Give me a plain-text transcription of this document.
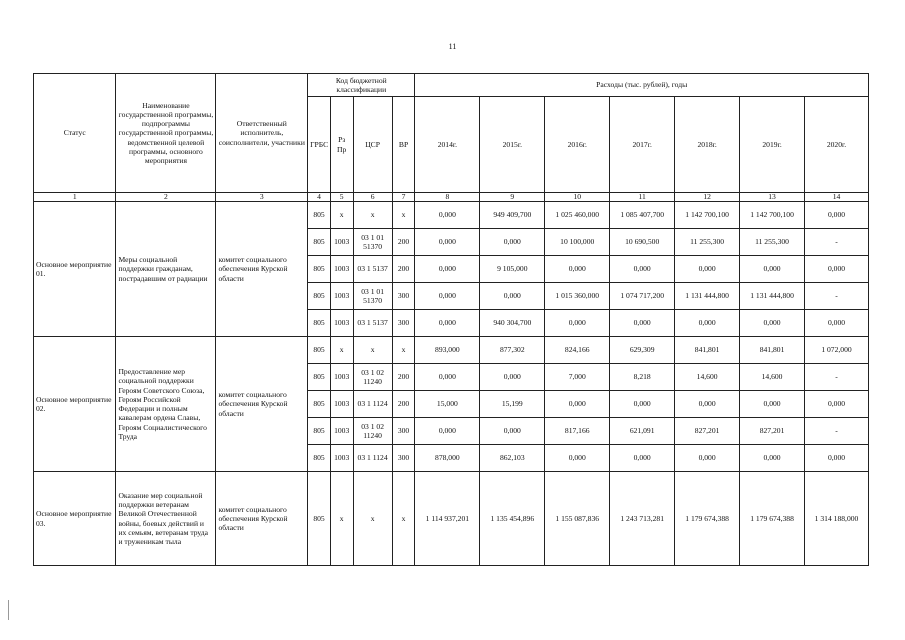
11
Статус	Наименование государственной программы, подпрограммы государственной программы, ведомственной целевой программы, основного мероприятия	Ответственный исполнитель, соисполнители, участники	Код бюджетной классификации				Расходы (тыс. рублей), годы						
			ГРБС	Рз Пр	ЦСР	ВР	2014г.	2015г.	2016г.	2017г.	2018г.	2019г.	2020г.
1	2	3	4	5	6	7	8	9	10	11	12	13	14
Основное мероприятие 01.	Меры социальной поддержки гражданам, пострадавшим от радиации	комитет социального обеспечения Курской области	805	х	х	х	0,000	949 409,700	1 025 460,000	1 085 407,700	1 142 700,100	1 142 700,100	0,000
			805	1003	03 1 01 51370	200	0,000	0,000	10 100,000	10 690,500	11 255,300	11 255,300	-
			805	1003	03 1 5137	200	0,000	9 105,000	0,000	0,000	0,000	0,000	0,000
			805	1003	03 1 01 51370	300	0,000	0,000	1 015 360,000	1 074 717,200	1 131 444,800	1 131 444,800	-
			805	1003	03 1 5137	300	0,000	940 304,700	0,000	0,000	0,000	0,000	0,000
Основное мероприятие 02.	Предоставление мер социальной поддержки Героям Советского Союза, Героям Российской Федерации и полным кавалерам ордена Славы, Героям Социалистического Труда	комитет социального обеспечения Курской области	805	х	х	х	893,000	877,302	824,166	629,309	841,801	841,801	1 072,000
			805	1003	03 1 02 11240	200	0,000	0,000	7,000	8,218	14,600	14,600	-
			805	1003	03 1 1124	200	15,000	15,199	0,000	0,000	0,000	0,000	0,000
			805	1003	03 1 02 11240	300	0,000	0,000	817,166	621,091	827,201	827,201	-
			805	1003	03 1 1124	300	878,000	862,103	0,000	0,000	0,000	0,000	0,000
Основное мероприятие 03.	Оказание мер социальной поддержки ветеранам Великой Отечественной войны, боевых действий и их семьям, ветеранам труда и труженикам тыла	комитет социального обеспечения Курской области	805	х	х	х	1 114 937,201	1 135 454,896	1 155 087,836	1 243 713,281	1 179 674,388	1 179 674,388	1 314 188,000
